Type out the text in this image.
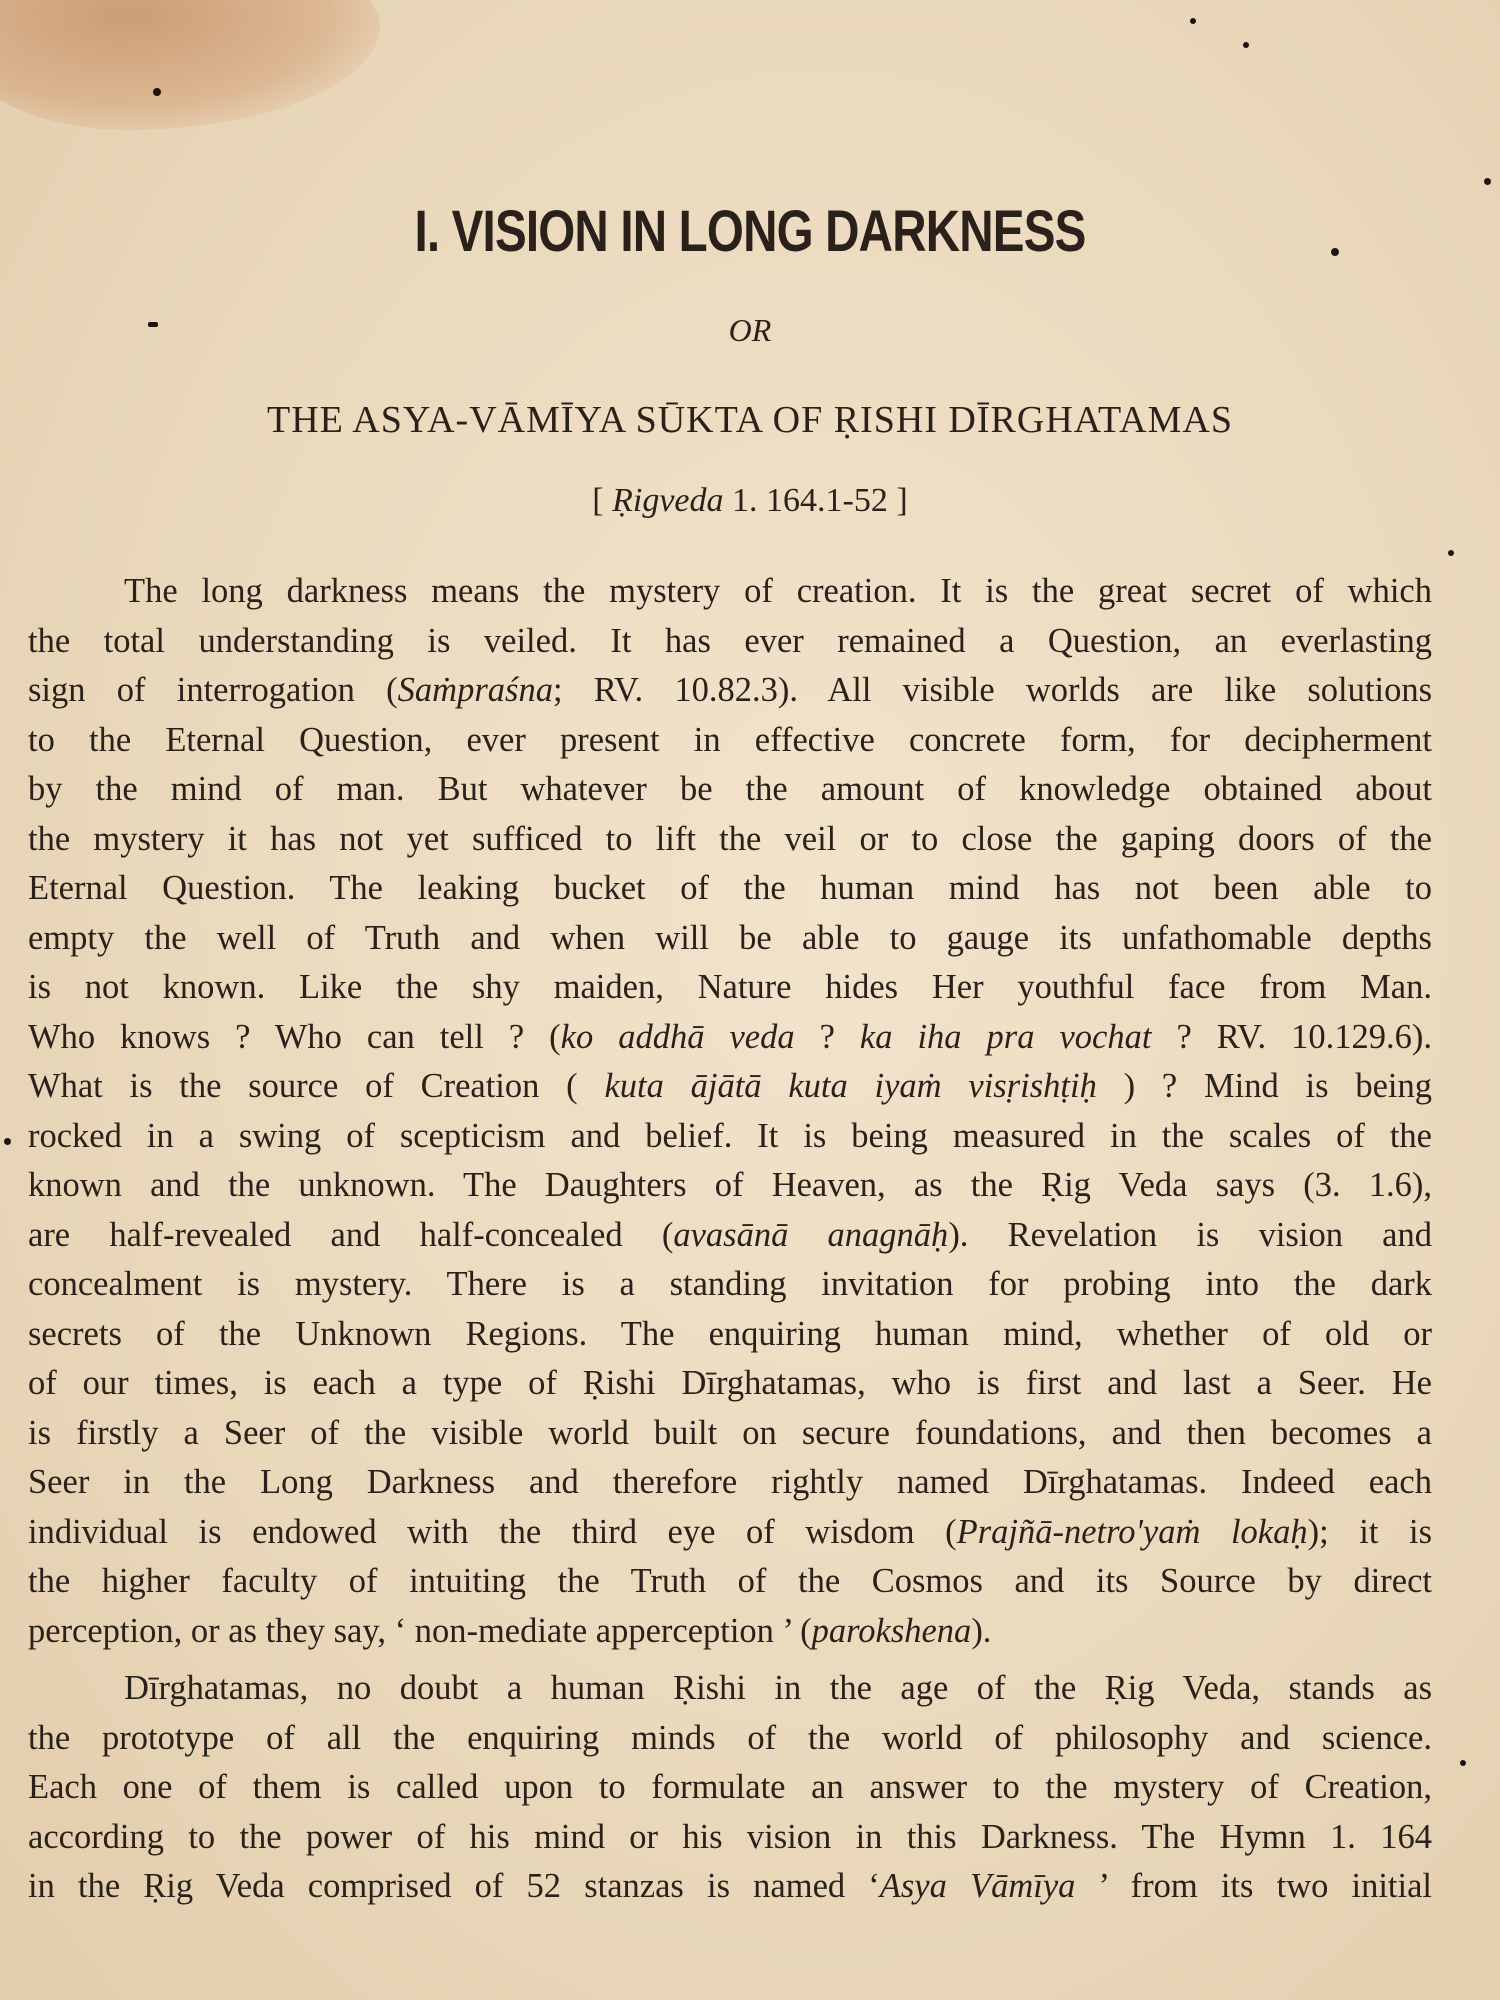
I. VISION IN LONG DARKNESS
OR
THE ASYA-VĀMĪYA SŪKTA OF ṚISHI DĪRGHATAMAS
[ Ṛigveda 1. 164.1-52 ]
The long darkness means the mystery of creation. It is the great secret of which
the total understanding is veiled. It has ever remained a Question, an everlasting
sign of interrogation (Saṁpraśna; RV. 10.82.3). All visible worlds are like solutions
to the Eternal Question, ever present in effective concrete form, for decipherment
by the mind of man. But whatever be the amount of knowledge obtained about
the mystery it has not yet sufficed to lift the veil or to close the gaping doors of the
Eternal Question. The leaking bucket of the human mind has not been able to
empty the well of Truth and when will be able to gauge its unfathomable depths
is not known. Like the shy maiden, Nature hides Her youthful face from Man.
Who knows ? Who can tell ? (ko addhā veda ? ka iha pra vochat ? RV. 10.129.6).
What is the source of Creation ( kuta ājātā kuta iyaṁ visṛishṭiḥ ) ? Mind is being
rocked in a swing of scepticism and belief. It is being measured in the scales of the
known and the unknown. The Daughters of Heaven, as the Ṛig Veda says (3. 1.6),
are half-revealed and half-concealed (avasānā anagnāḥ). Revelation is vision and
concealment is mystery. There is a standing invitation for probing into the dark
secrets of the Unknown Regions. The enquiring human mind, whether of old or
of our times, is each a type of Ṛishi Dīrghatamas, who is first and last a Seer. He
is firstly a Seer of the visible world built on secure foundations, and then becomes a
Seer in the Long Darkness and therefore rightly named Dīrghatamas. Indeed each
individual is endowed with the third eye of wisdom (Prajñā-netro'yaṁ lokaḥ); it is
the higher faculty of intuiting the Truth of the Cosmos and its Source by direct
perception, or as they say, ‘ non-mediate apperception ’ (parokshena).
Dīrghatamas, no doubt a human Ṛishi in the age of the Ṛig Veda, stands as
the prototype of all the enquiring minds of the world of philosophy and science.
Each one of them is called upon to formulate an answer to the mystery of Creation,
according to the power of his mind or his vision in this Darkness. The Hymn 1. 164
in the Ṛig Veda comprised of 52 stanzas is named ‘Asya Vāmīya ’ from its two initial
